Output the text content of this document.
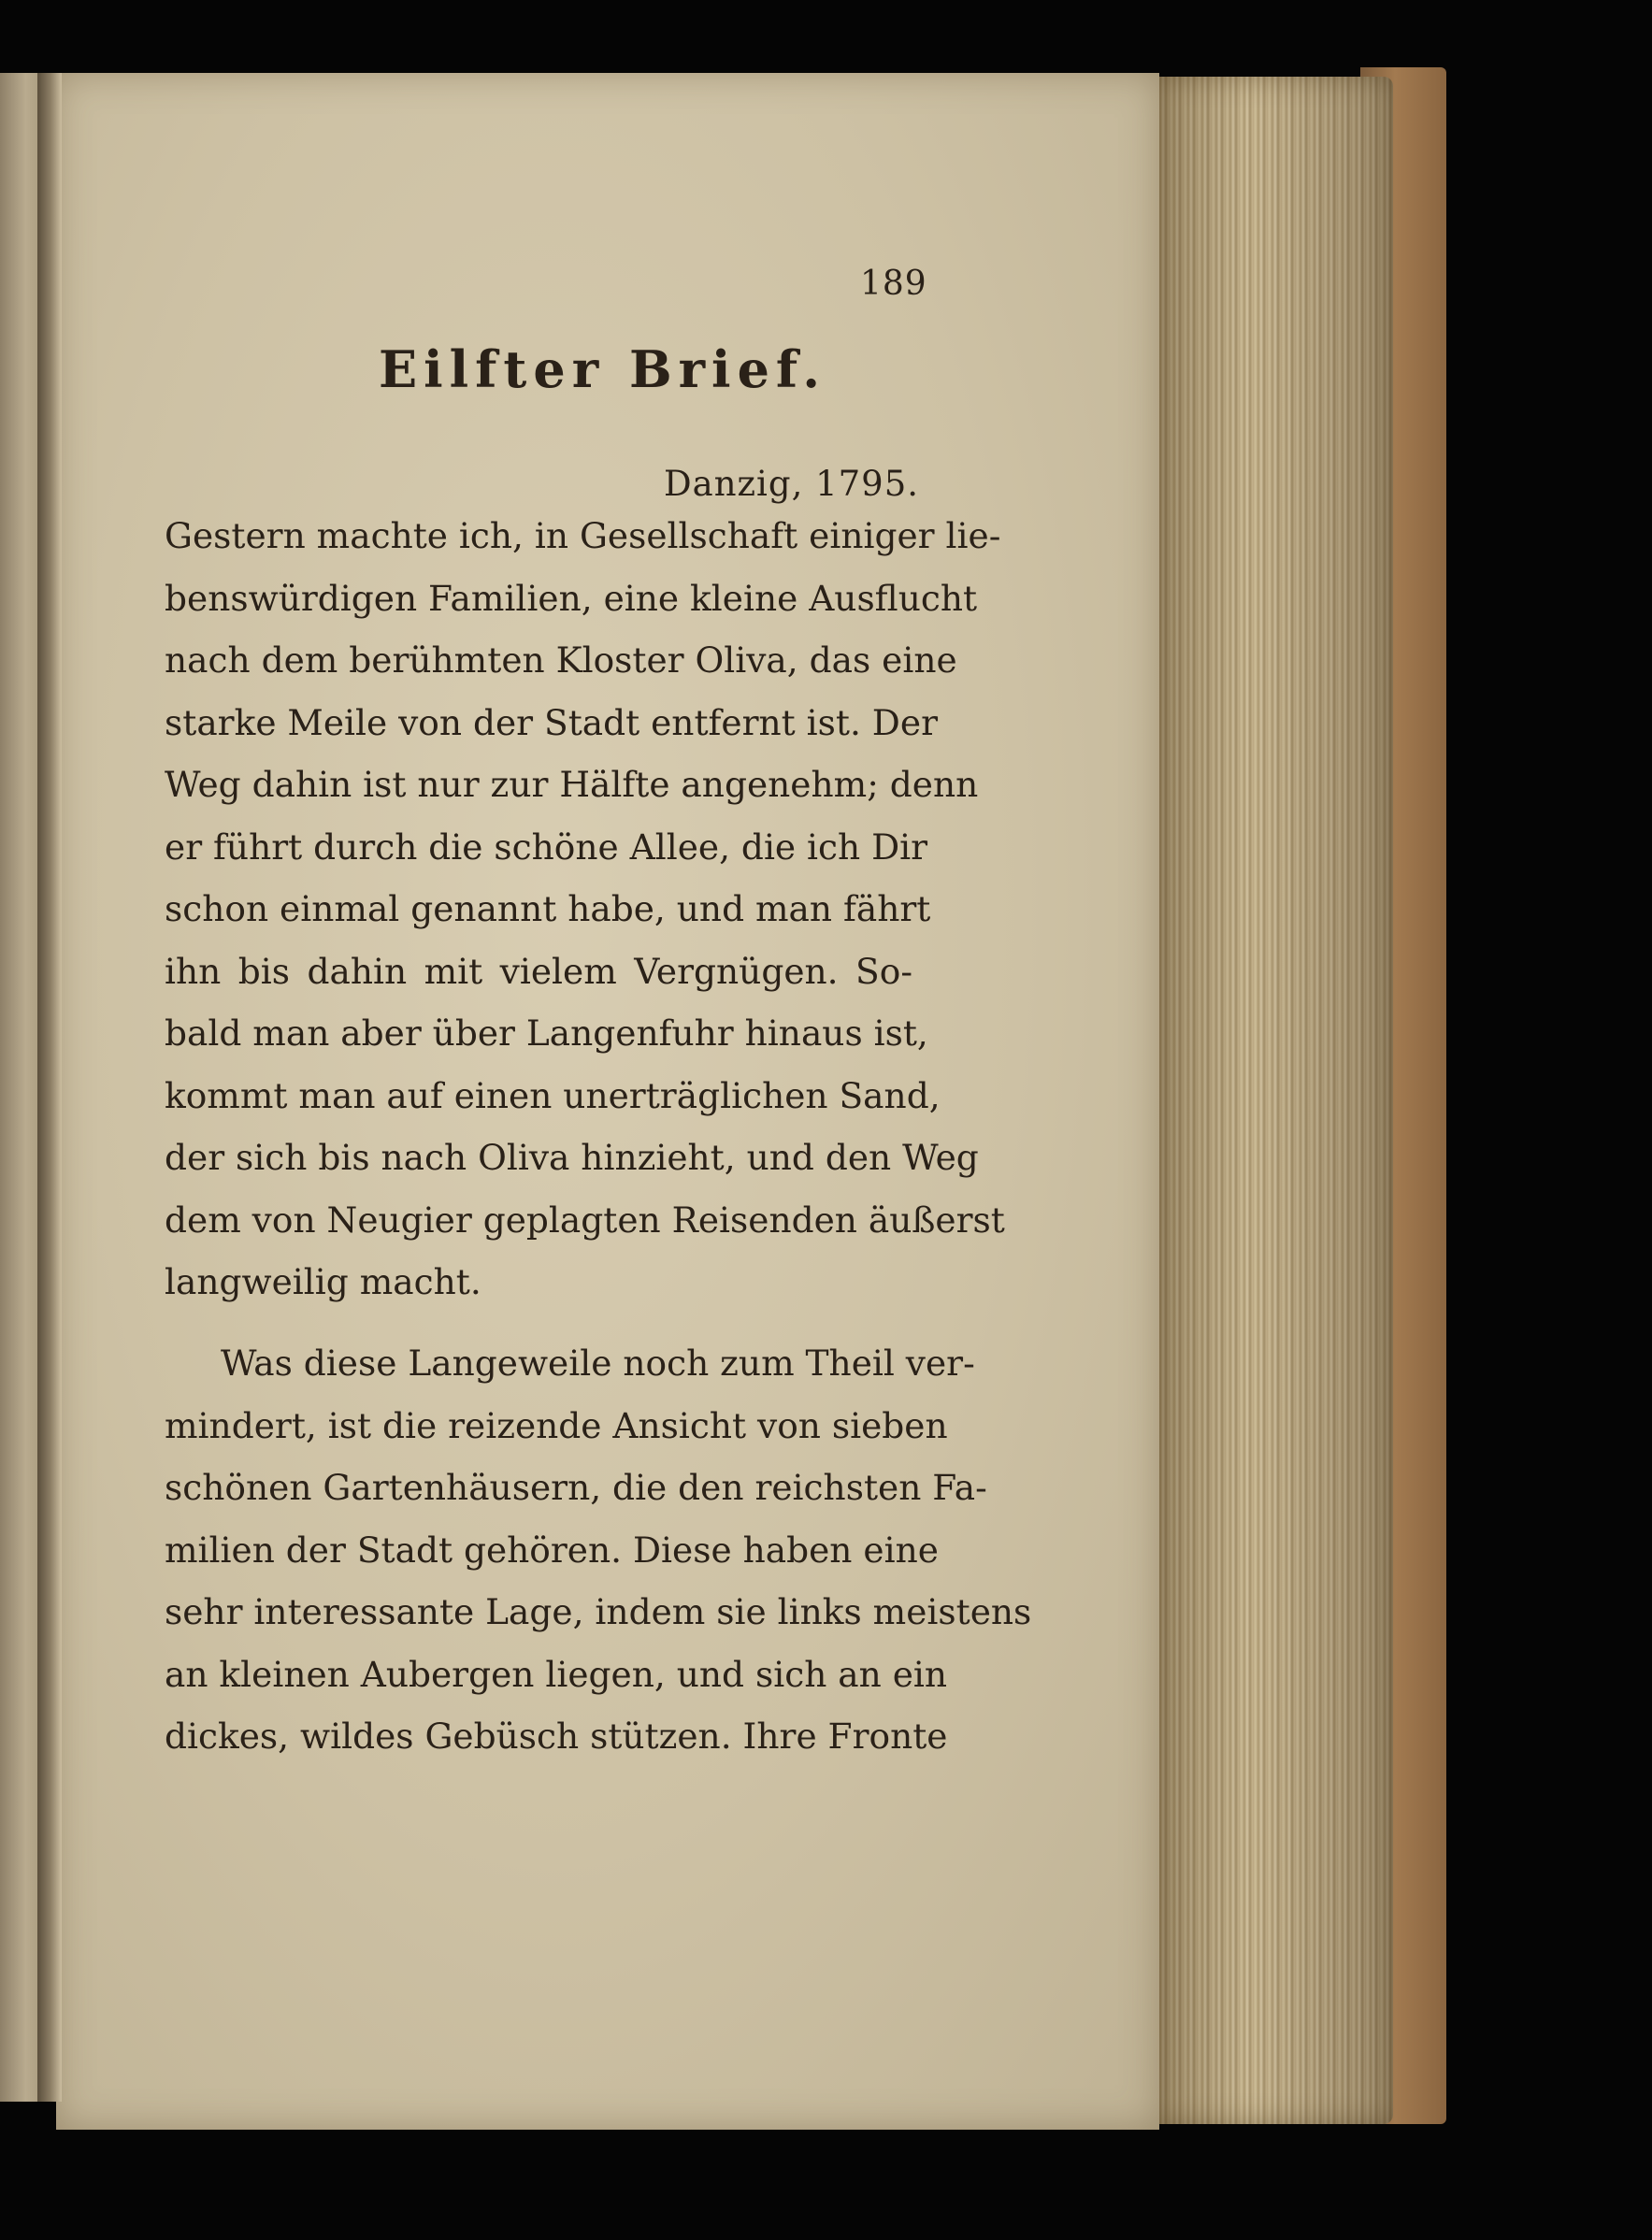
189
Eilfter Brief.
Danzig, 1795.

Gestern machte ich, in Gesellschaft einiger lie-
benswürdigen Familien, eine kleine Ausflucht
nach dem berühmten Kloster Oliva, das eine
starke Meile von der Stadt entfernt ist. Der
Weg dahin ist nur zur Hälfte angenehm; denn
er führt durch die schöne Allee, die ich Dir
schon einmal genannt habe, und man fährt
ihn bis dahin mit vielem Vergnügen. So-
bald man aber über Langenfuhr hinaus ist,
kommt man auf einen unerträglichen Sand,
der sich bis nach Oliva hinzieht, und den Weg
dem von Neugier geplagten Reisenden äußerst
langweilig macht.

Was diese Langeweile noch zum Theil ver-
mindert, ist die reizende Ansicht von sieben
schönen Gartenhäusern, die den reichsten Fa-
milien der Stadt gehören. Diese haben eine
sehr interessante Lage, indem sie links meistens
an kleinen Aubergen liegen, und sich an ein
dickes, wildes Gebüsch stützen. Ihre Fronte
